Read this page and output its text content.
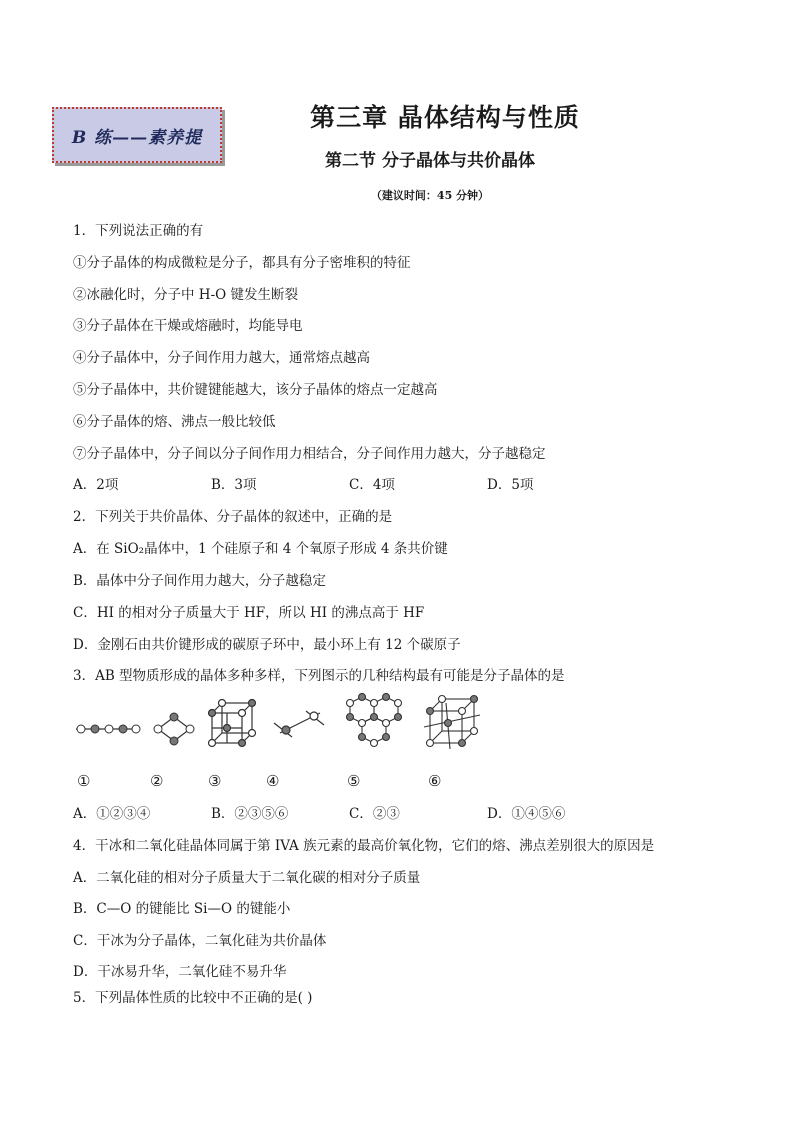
B 练——素养提
第三章 晶体结构与性质
第二节 分子晶体与共价晶体
（建议时间：45 分钟）
1．下列说法正确的有
①分子晶体的构成微粒是分子，都具有分子密堆积的特征
②冰融化时，分子中 H-O 键发生断裂
③分子晶体在干燥或熔融时，均能导电
④分子晶体中，分子间作用力越大，通常熔点越高
⑤分子晶体中，共价键键能越大，该分子晶体的熔点一定越高
⑥分子晶体的熔、沸点一般比较低
⑦分子晶体中，分子间以分子间作用力相结合，分子间作用力越大，分子越稳定
A．2项	B．3项	C．4项	D．5项
2．下列关于共价晶体、分子晶体的叙述中，正确的是
A．在 SiO₂晶体中，1 个硅原子和 4 个氧原子形成 4 条共价键
B．晶体中分子间作用力越大，分子越稳定
C．HI 的相对分子质量大于 HF，所以 HI 的沸点高于 HF
D．金刚石由共价键形成的碳原子环中，最小环上有 12 个碳原子
3．AB 型物质形成的晶体多种多样，下列图示的几种结构最有可能是分子晶体的是
①	②	③	④	⑤	⑥
A．①②③④	B．②③⑤⑥	C．②③	D．①④⑤⑥
4．干冰和二氧化硅晶体同属于第 IVA 族元素的最高价氧化物，它们的熔、沸点差别很大的原因是
A．二氧化硅的相对分子质量大于二氧化碳的相对分子质量
B．C—O 的键能比 Si—O 的键能小
C．干冰为分子晶体，二氧化硅为共价晶体
D．干冰易升华，二氧化硅不易升华
5．下列晶体性质的比较中不正确的是( )
